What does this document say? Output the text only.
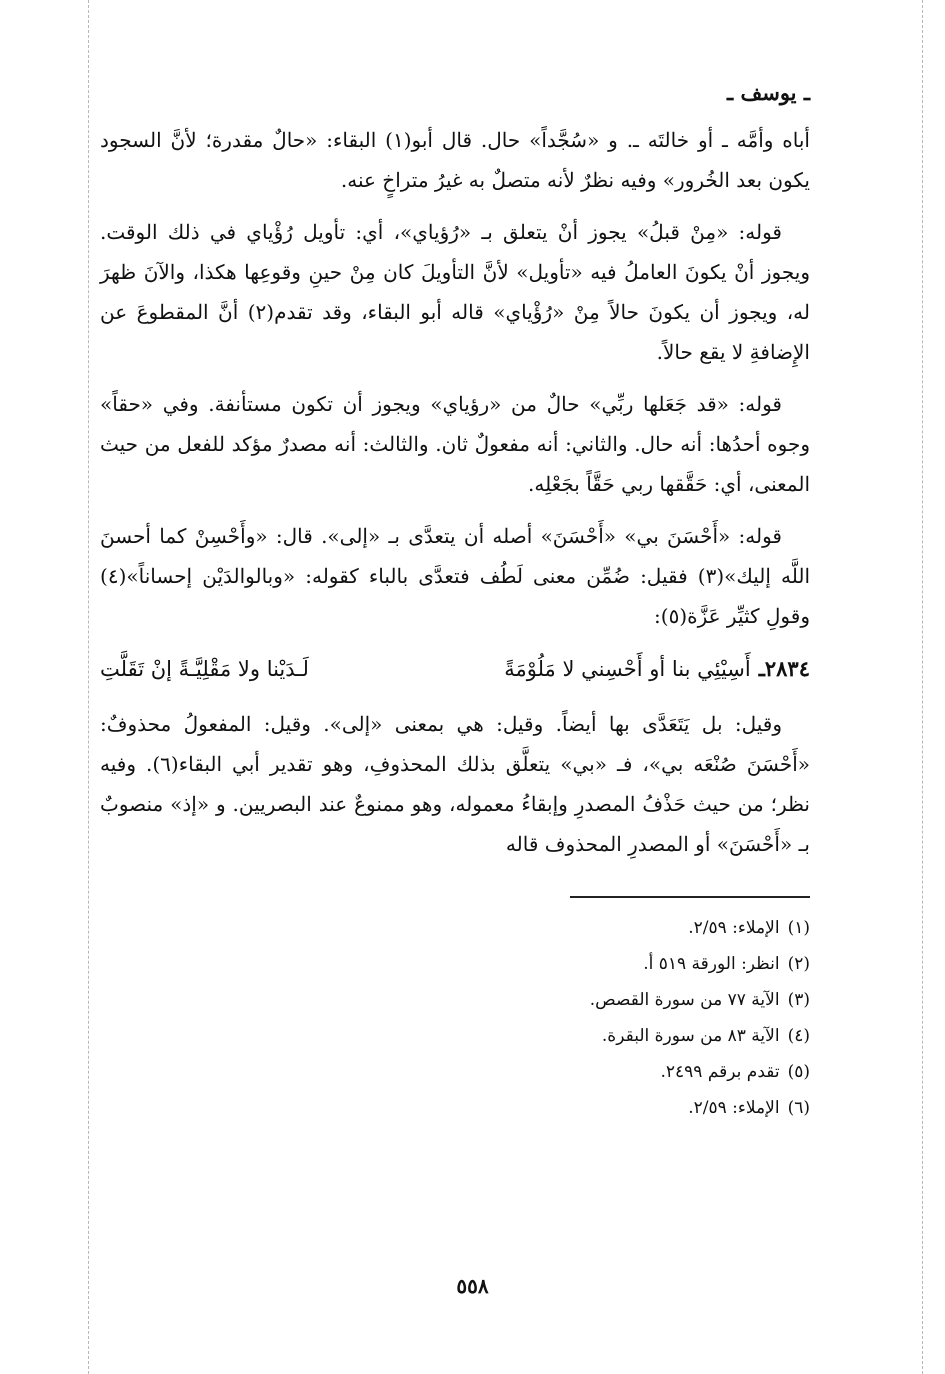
ـ يوسف ـ

أباه وأمَّه ـ أو خالتَه ـ. و «سُجَّداً» حال. قال أبو(١) البقاء: «حالٌ مقدرة؛ لأنَّ السجود يكون بعد الخُرور» وفيه نظرٌ لأنه متصلٌ به غيرُ متراخٍ عنه.

قوله: «مِنْ قبلُ» يجوز أنْ يتعلق بـ «رُؤياي»، أي: تأويل رُؤْياي في ذلك الوقت. ويجوز أنْ يكونَ العاملُ فيه «تأويل» لأنَّ التأويلَ كان مِنْ حينِ وقوعِها هكذا، والآنَ ظهرَ له، ويجوز أن يكونَ حالاً مِنْ «رُؤْياي» قاله أبو البقاء، وقد تقدم(٢) أنَّ المقطوعَ عن الإِضافةِ لا يقع حالاً.

قوله: «قد جَعَلها ربِّي» حالٌ من «رؤياي» ويجوز أن تكون مستأنفة. وفي «حقاً» وجوه أحدُها: أنه حال. والثاني: أنه مفعولٌ ثان. والثالث: أنه مصدرٌ مؤكد للفعل من حيث المعنى، أي: حَقَّقها ربي حَقَّاً بجَعْلِه.

قوله: «أَحْسَنَ بي» «أَحْسَنَ» أصله أن يتعدَّى بـ «إلى». قال: «وأَحْسِنْ كما أحسنَ اللَّه إليك»(٣) فقيل: ضُمِّن معنى لَطُف فتعدَّى بالباء كقوله: «وبالوالدَيْن إحساناً»(٤) وقولِ كثيِّر عَزَّة(٥):

٢٨٣٤ـ
أَسِيْئِي بنا أو أَحْسِني لا مَلُوْمَةً
لَـدَيْنا ولا مَقْلِيَّـةً إنْ تَقَلَّتِ

وقيل: بل يَتَعَدَّى بها أيضاً. وقيل: هي بمعنى «إلى». وقيل: المفعولُ محذوفٌ: «أَحْسَنَ صُنْعَه بي»، فـ «بي» يتعلَّق بذلك المحذوفِ، وهو تقدير أبي البقاء(٦). وفيه نظر؛ من حيث حَذْفُ المصدرِ وإبقاءُ معموله، وهو ممنوعٌ عند البصريين. و «إذ» منصوبٌ بـ «أَحْسَنَ» أو المصدرِ المحذوف قاله

(١)الإملاء: ٢/٥٩.
(٢)انظر: الورقة ٥١٩ أ.
(٣)الآية ٧٧ من سورة القصص.
(٤)الآية ٨٣ من سورة البقرة.
(٥)تقدم برقم ٢٤٩٩.
(٦)الإملاء: ٢/٥٩.
٥٥٨
